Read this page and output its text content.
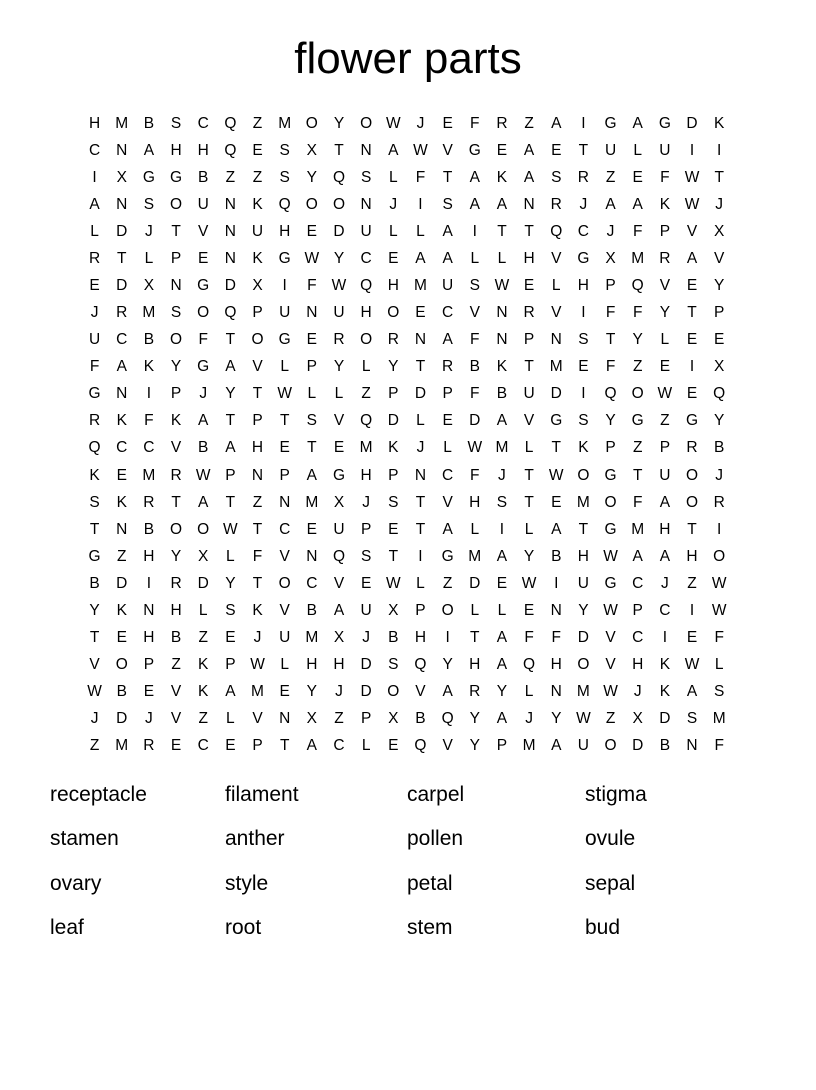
flower parts
H M	B	S	C	Q	Z	M O	Y	O W	J	E	F	R	Z	A	I	G	A	G	D	K
C	N	A	H	H	Q	E	S	X	T	N	A W V	G	E	A	E	T	U	L	U	I	I
I	X	G G	B	Z	Z	S	Y	Q	S	L	F	T	A	K	A	S	R	Z	E	F W T
A	N	S	O	U	N	K	Q O O	N	J	I	S	A	A	N	R	J	A	A	K W	J
L	D	J	T	V	N	U	H	E	D	U	L	L	A	I	T	T	Q	C	J	F	P	V	X
R	T	L	P	E	N	K	G W Y	C	E	A	A	L	L	H	V	G	X	M R	A	V
E	D	X	N	G	D	X	I	F W Q	H M U	S W E	L	H	P	Q	V	E	Y
J	R M	S	O Q	P	U	N	U	H	O	E	C	V	N	R	V	I	F	F	Y	T	P
U	C	B	O	F	T	O G	E	R	O	R	N	A	F	N	P	N	S	T	Y	L	E	E
F	A	K	Y	G	A	V	L	P	Y	L	Y	T	R	B	K	T	M	E	F	Z	E	I	X
G	N	I	P	J	Y	T W	L	L	Z	P	D	P	F	B	U	D	I	Q O W E	Q
R	K	F	K	A	T	P	T	S	V	Q	D	L	E	D	A	V	G	S	Y	G	Z	G	Y
Q	C	C	V	B	A	H	E	T	E	M	K	J	L	W M	L	T	K	P	Z	P	R	B
K	E	M R W P	N	P	A	G	H	P	N	C	F	J	T W O G	T	U	O	J
S	K	R	T	A	T	Z	N M	X	J	S	T	V	H	S	T	E	M O	F	A	O	R
T	N	B	O O W T	C	E	U	P	E	T	A	L	I	L	A	T	G M H	T	I
G	Z	H	Y	X	L	F	V	N	Q	S	T	I	G M	A	Y	B	H W A	A	H	O
B	D	I	R	D	Y	T	O	C	V	E W	L	Z	D	E W	I	U	G	C	J	Z W
Y	K	N	H	L	S	K	V	B	A	U	X	P	O	L	L	E	N	Y W P	C	I	W
T	E	H	B	Z	E	J	U M	X	J	B	H	I	T	A	F	F	D	V	C	I	E	F
V	O	P	Z	K	P W	L	H	H	D	S	Q	Y	H	A	Q	H	O	V	H	K W	L
W B	E	V	K	A	M	E	Y	J	D	O	V	A	R	Y	L	N M W	J	K	A	S
J	D	J	V	Z	L	V	N	X	Z	P	X	B	Q	Y	A	J	Y W Z	X	D	S	M
Z	M R	E	C	E	P	T	A	C	L	E	Q	V	Y	P	M	A	U	O	D	B	N	F
receptacle	filament	carpel	stigma
stamen	anther	pollen	ovule
ovary	style	petal	sepal
leaf	root	stem	bud
